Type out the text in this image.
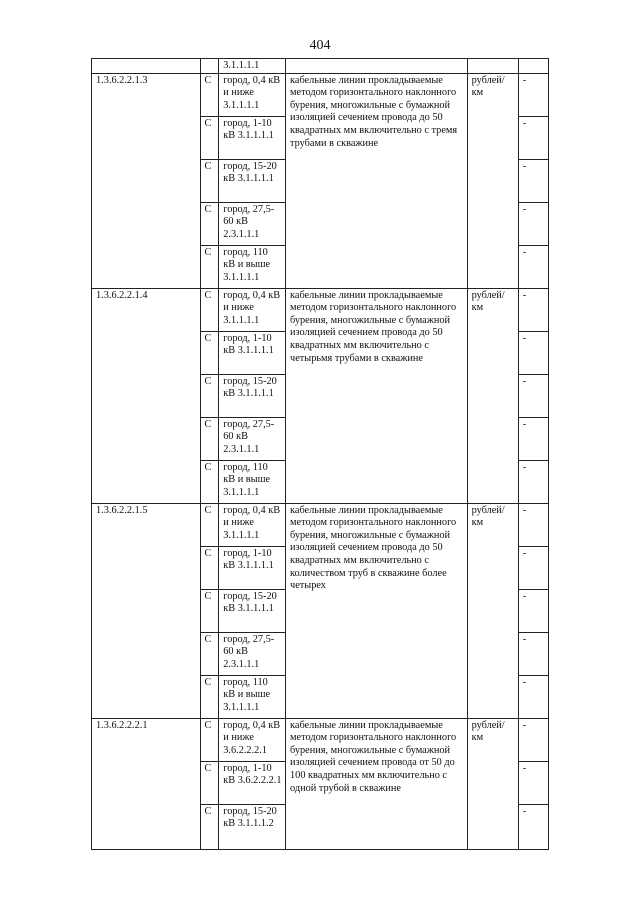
404
		3.1.1.1.1			
1.3.6.2.2.1.3	С	город, 0,4 кВ и ниже 3.1.1.1.1	кабельные линии прокладываемые методом горизонтального наклонного бурения, многожильные с бумажной изоляцией сечением провода до 50 квадратных мм включительно с тремя трубами в скважине	рублей/ км	-
	С	город, 1-10 кВ 3.1.1.1.1			-
	С	город, 15-20 кВ 3.1.1.1.1			-
	С	город, 27,5-60 кВ 2.3.1.1.1			-
	С	город, 110 кВ и выше 3.1.1.1.1			-
1.3.6.2.2.1.4	С	город, 0,4 кВ и ниже 3.1.1.1.1	кабельные линии прокладываемые методом горизонтального наклонного бурения, многожильные с бумажной изоляцией сечением провода до 50 квадратных мм включительно с четырьмя трубами в скважине	рублей/ км	-
	С	город, 1-10 кВ 3.1.1.1.1			-
	С	город, 15-20 кВ 3.1.1.1.1			-
	С	город, 27,5-60 кВ 2.3.1.1.1			-
	С	город, 110 кВ и выше 3.1.1.1.1			-
1.3.6.2.2.1.5	С	город, 0,4 кВ и ниже 3.1.1.1.1	кабельные линии прокладываемые методом горизонтального наклонного бурения, многожильные с бумажной изоляцией сечением провода до 50 квадратных мм включительно с количеством труб в скважине более четырех	рублей/ км	-
	С	город, 1-10 кВ 3.1.1.1.1			-
	С	город, 15-20 кВ 3.1.1.1.1			-
	С	город, 27,5-60 кВ 2.3.1.1.1			-
	С	город, 110 кВ и выше 3.1.1.1.1			-
1.3.6.2.2.2.1	С	город, 0,4 кВ и ниже 3.6.2.2.2.1	кабельные линии прокладываемые методом горизонтального наклонного бурения, многожильные с бумажной изоляцией сечением провода от 50 до 100 квадратных мм включительно с одной трубой в скважине	рублей/ км	-
	С	город, 1-10 кВ 3.6.2.2.2.1			-
	С	город, 15-20 кВ 3.1.1.1.2			-
